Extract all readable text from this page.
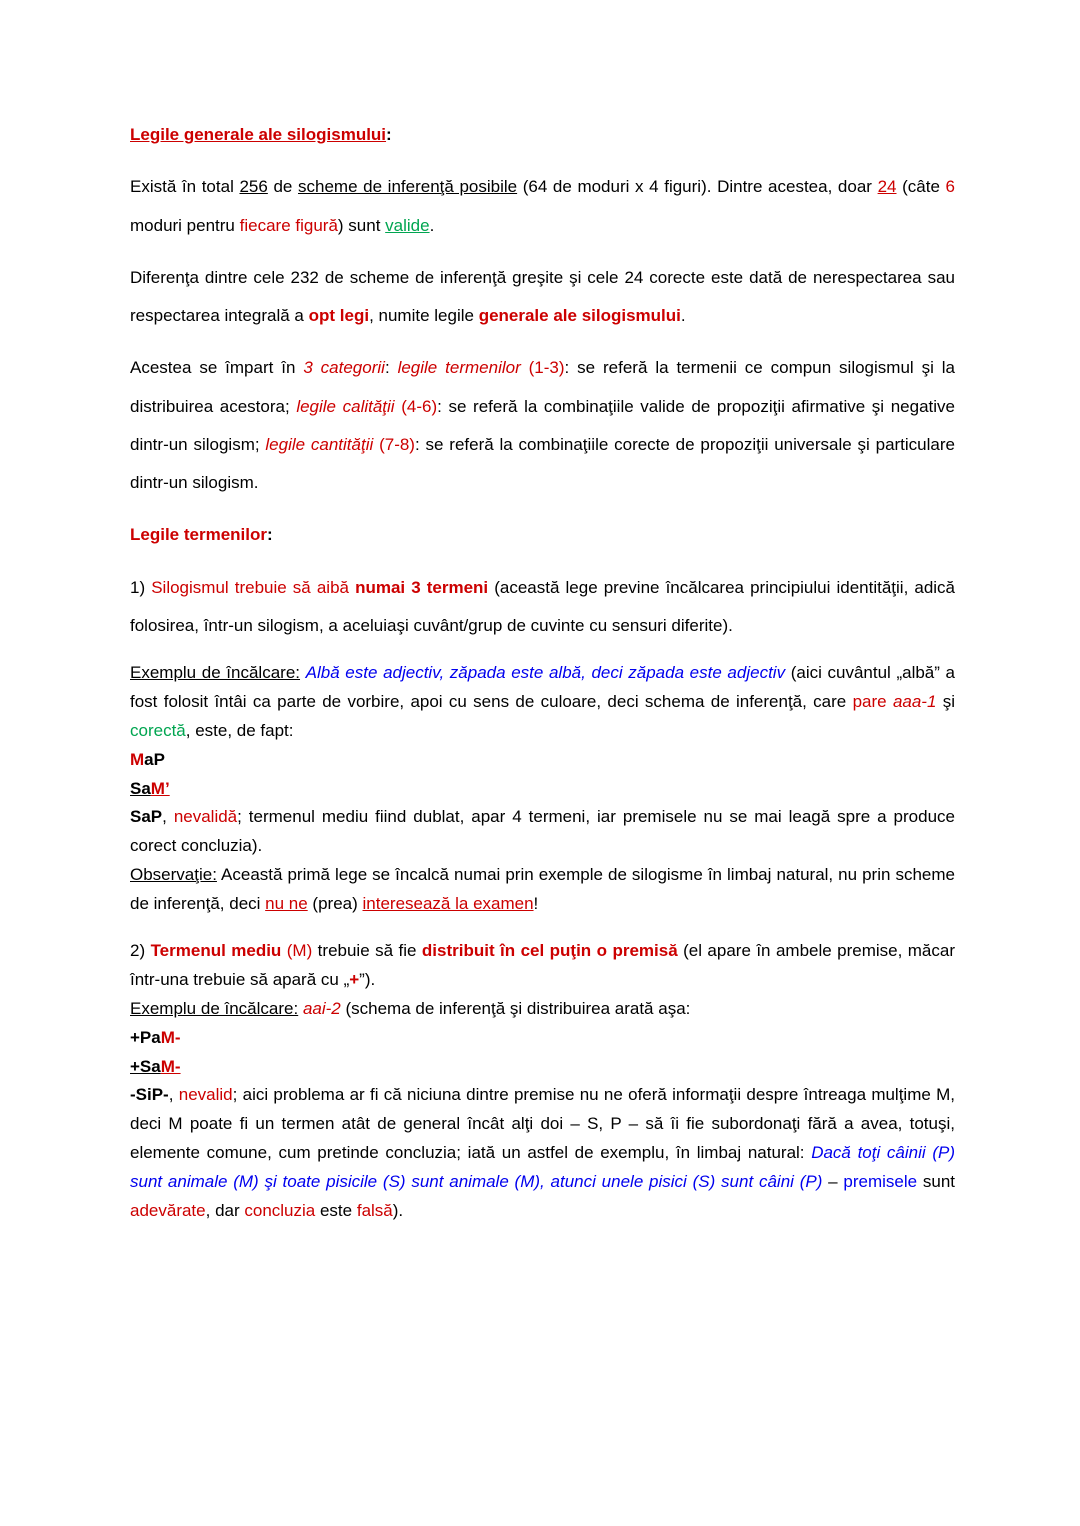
Legile generale ale silogismului:

Există în total 256 de scheme de inferenţă posibile (64 de moduri x 4 figuri). Dintre acestea, doar 24 (câte 6 moduri pentru fiecare figură) sunt valide.

Diferenţa dintre cele 232 de scheme de inferenţă greşite şi cele 24 corecte este dată de nerespectarea sau respectarea integrală a opt legi, numite legile generale ale silogismului.

Acestea se împart în 3 categorii: legile termenilor (1-3): se referă la termenii ce compun silogismul şi la distribuirea acestora; legile calităţii (4-6): se referă la combinaţiile valide de propoziţii afirmative şi negative dintr-un silogism; legile cantităţii (7-8): se referă la combinaţiile corecte de propoziţii universale şi particulare dintr-un silogism.

Legile termenilor:

1) Silogismul trebuie să aibă numai 3 termeni (această lege previne încălcarea principiului identităţii, adică folosirea, într-un silogism, a aceluiaşi cuvânt/grup de cuvinte cu sensuri diferite).

Exemplu de încălcare: Albă este adjectiv, zăpada este albă, deci zăpada este adjectiv (aici cuvântul „albă” a fost folosit întâi ca parte de vorbire, apoi cu sens de culoare, deci schema de inferenţă, care pare aaa-1 şi corectă, este, de fapt:

MaP

SaM’

SaP, nevalidă; termenul mediu fiind dublat, apar 4 termeni, iar premisele nu se mai leagă spre a produce corect concluzia).

Observaţie: Această primă lege se încalcă numai prin exemple de silogisme în limbaj natural, nu prin scheme de inferenţă, deci nu ne (prea) interesează la examen!

2) Termenul mediu (M) trebuie să fie distribuit în cel puţin o premisă (el apare în ambele premise, măcar într-una trebuie să apară cu „+”).

Exemplu de încălcare: aai-2 (schema de inferenţă şi distribuirea arată aşa:

+PaM-

+SaM-

-SiP-, nevalid; aici problema ar fi că niciuna dintre premise nu ne oferă informaţii despre întreaga mulţime M, deci M poate fi un termen atât de general încât alţi doi – S, P – să îi fie subordonaţi fără a avea, totuşi, elemente comune, cum pretinde concluzia; iată un astfel de exemplu, în limbaj natural: Dacă toţi câinii (P) sunt animale (M) şi toate pisicile (S) sunt animale (M), atunci unele pisici (S) sunt câini (P) – premisele sunt adevărate, dar concluzia este falsă).
